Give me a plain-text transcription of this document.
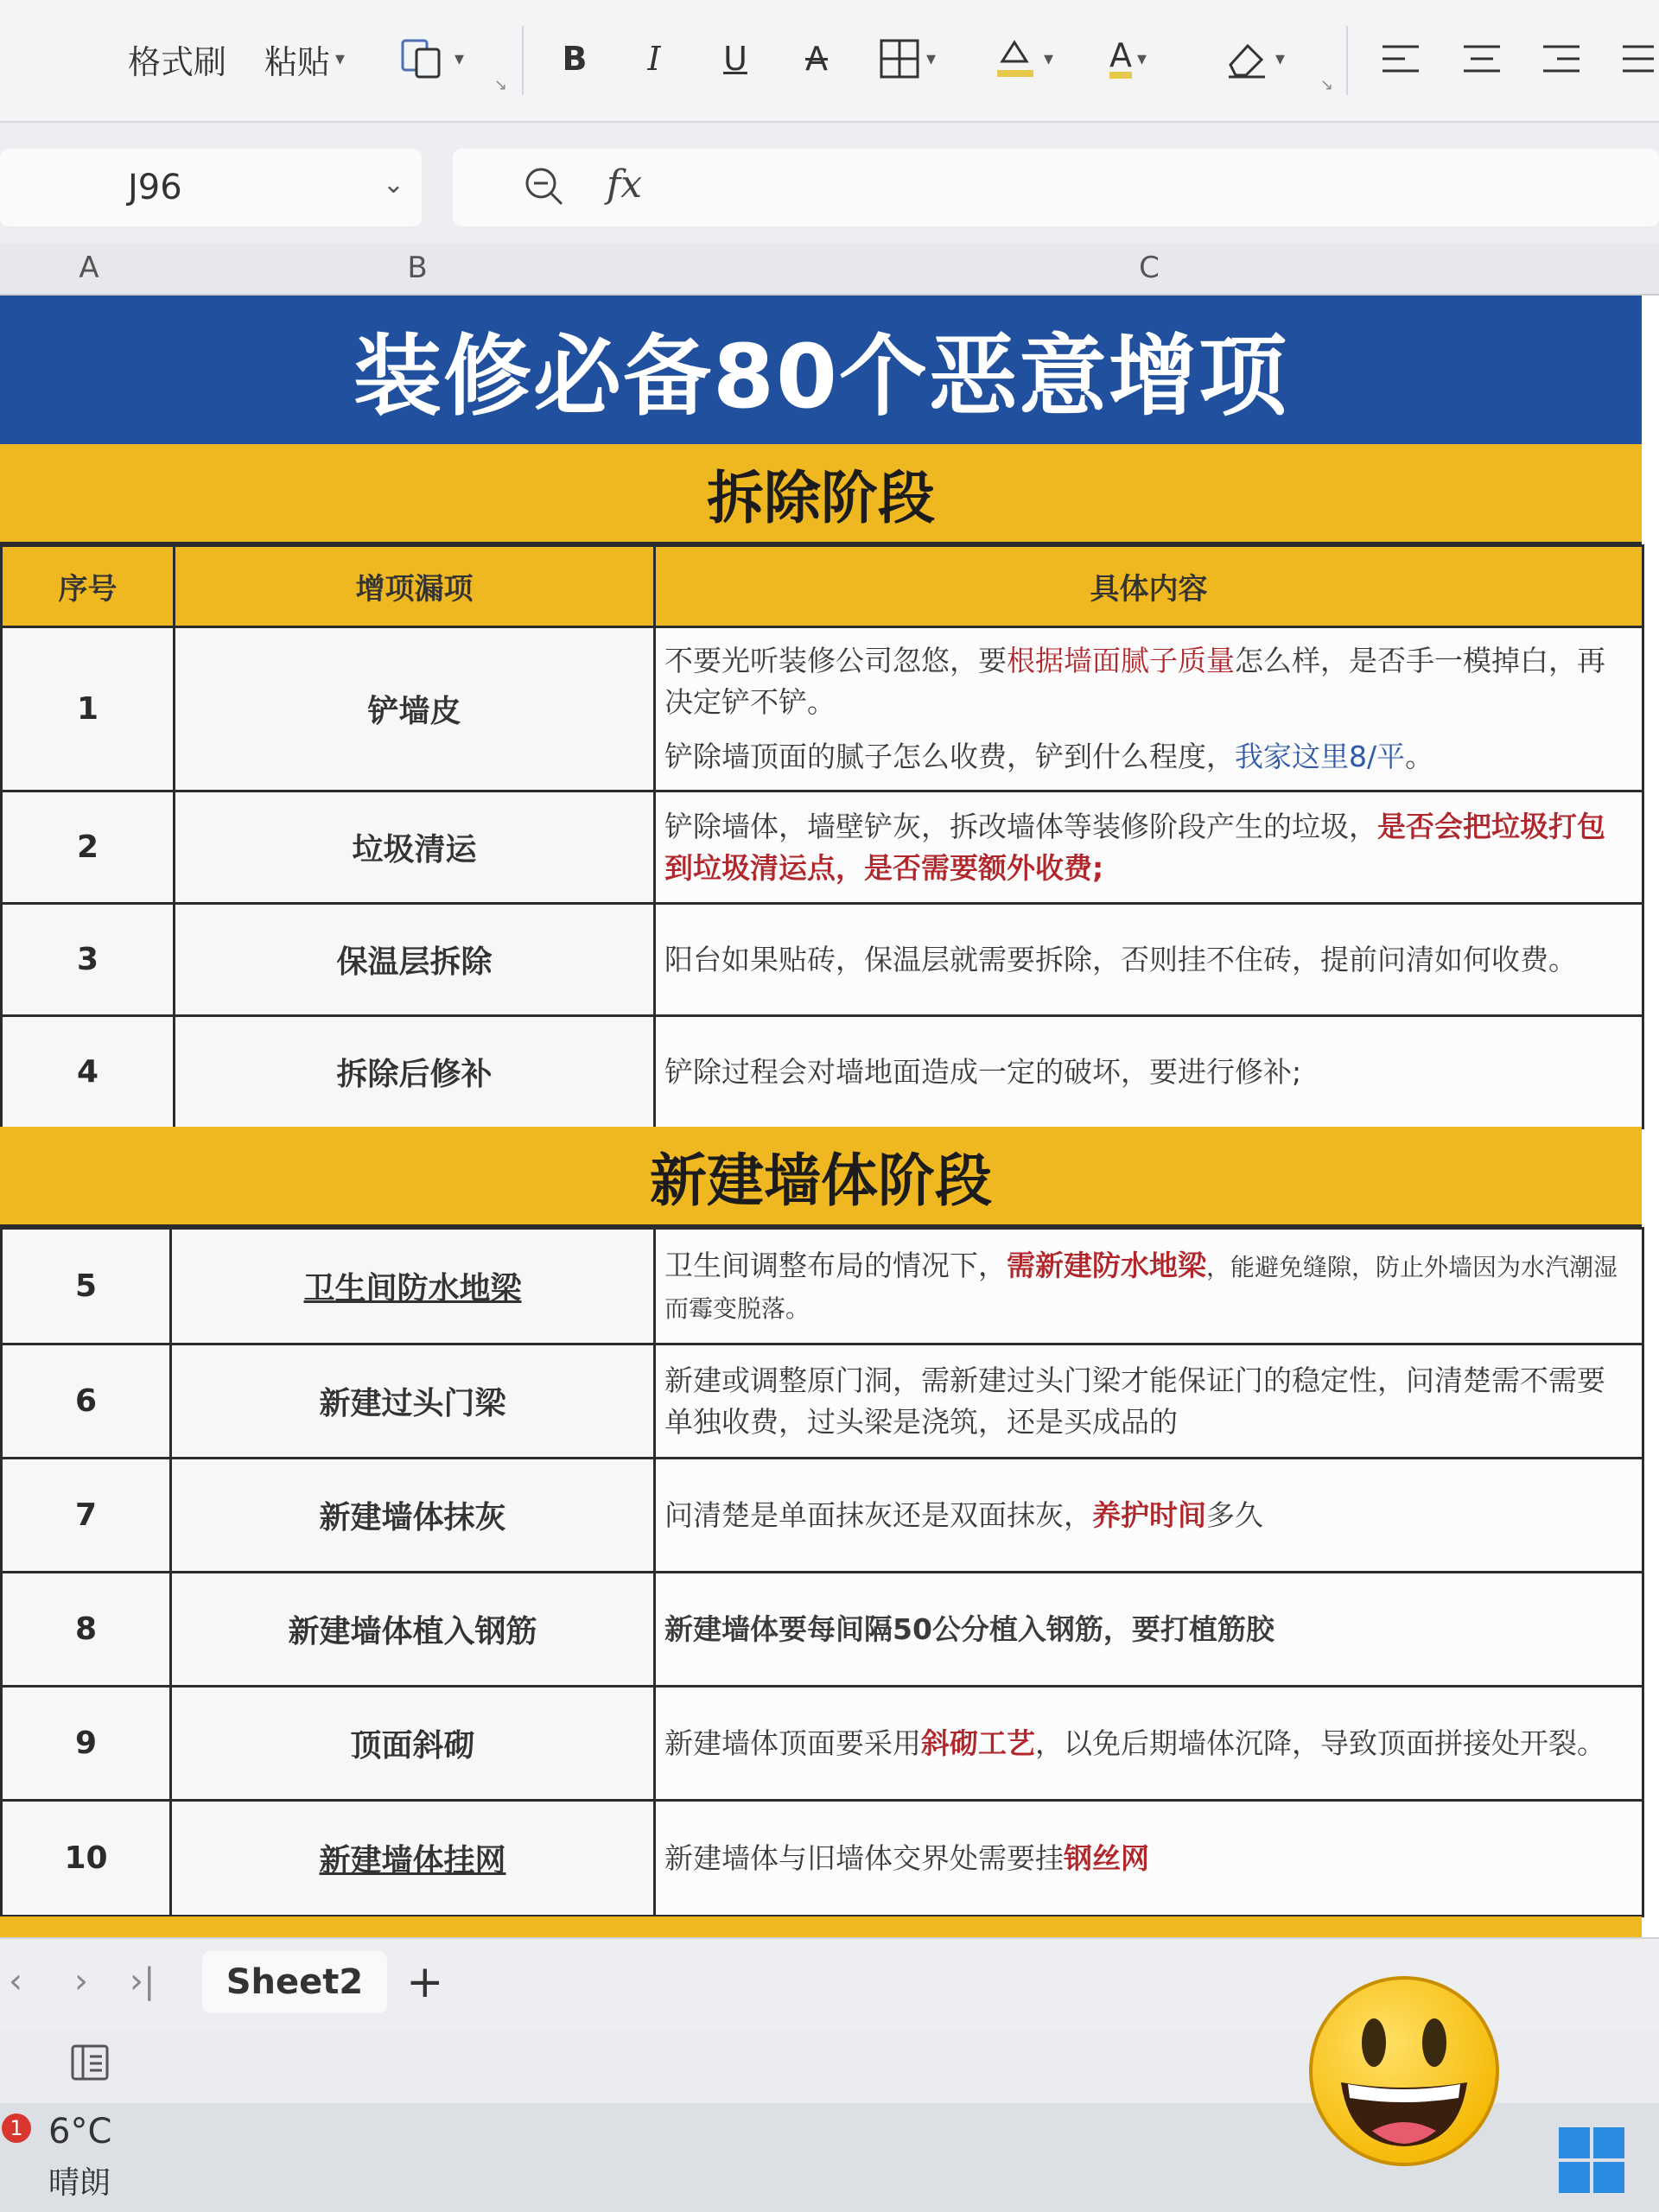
格式刷 粘贴 ▾	▾
↘
B I U A	▾	▾ A ▾	▾
↘
J96	⌄	fx
A	B	C
装修必备80个恶意增项
拆除阶段
序号	增项漏项	具体内容
1	铲墙皮	不要光听装修公司忽悠，要根据墙面腻子质量怎么样，是否手一模掉白，再决定铲不铲。

铲除墙顶面的腻子怎么收费，铲到什么程度，我家这里8/平。

2	垃圾清运	铲除墙体，墙壁铲灰，拆改墙体等装修阶段产生的垃圾，是否会把垃圾打包到垃圾清运点，是否需要额外收费;
3	保温层拆除	阳台如果贴砖，保温层就需要拆除，否则挂不住砖，提前问清如何收费。
4	拆除后修补	铲除过程会对墙地面造成一定的破坏，要进行修补;
新建墙体阶段
5	卫生间防水地梁	卫生间调整布局的情况下，需新建防水地梁，能避免缝隙，防止外墙因为水汽潮湿而霉变脱落。
6	新建过头门梁	新建或调整原门洞，需新建过头门梁才能保证门的稳定性，问清楚需不需要单独收费，过头梁是浇筑，还是买成品的
7	新建墙体抹灰	问清楚是单面抹灰还是双面抹灰，养护时间多久
8	新建墙体植入钢筋	新建墙体要每间隔50公分植入钢筋，要打植筋胶
9	顶面斜砌	新建墙体顶面要采用斜砌工艺，以免后期墙体沉降，导致顶面拼接处开裂。
10	新建墙体挂网	新建墙体与旧墙体交界处需要挂钢丝网
‹ › ›| Sheet2 +
1 6°C
晴朗
